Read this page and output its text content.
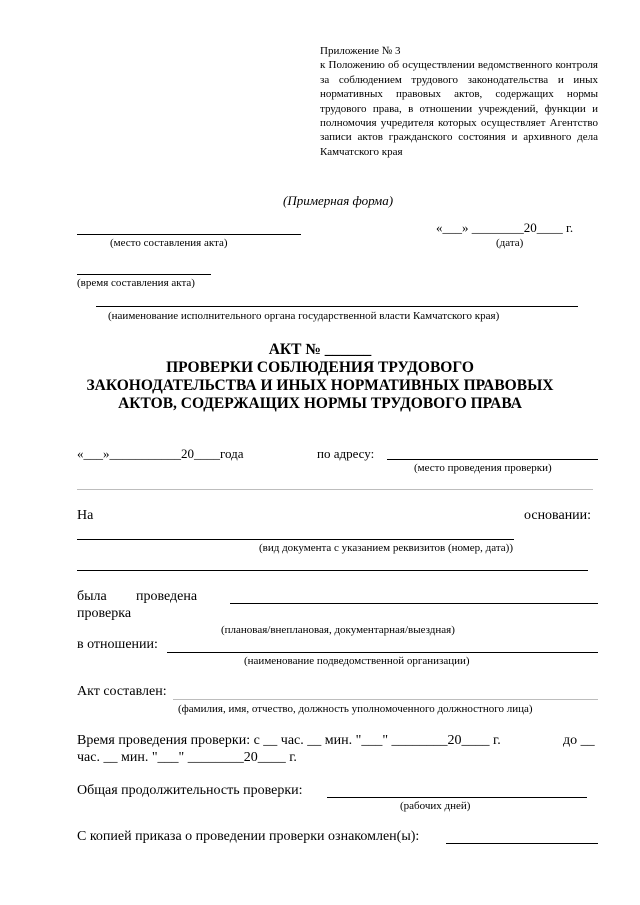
Приложение № 3
к Положению об осуществлении ведомственного контроля за соблюдением трудового законодательства и иных нормативных правовых актов, содержащих нормы трудового права, в отношении учреждений, функции и полномочия учредителя которых осуществляет Агентство записи актов гражданского состояния и архивного дела Камчатского края
(Примерная форма)
(место составления акта)
«___» ________20____ г.
(дата)
(время составления акта)
(наименование исполнительного органа государственной власти Камчатского края)
АКТ № ______
ПРОВЕРКИ СОБЛЮДЕНИЯ ТРУДОВОГО
ЗАКОНОДАТЕЛЬСТВА И ИНЫХ НОРМАТИВНЫХ ПРАВОВЫХ
АКТОВ, СОДЕРЖАЩИХ НОРМЫ ТРУДОВОГО ПРАВА
«___»___________20____года	по адресу:
(место проведения проверки)
На	основании:
(вид документа с указанием реквизитов (номер, дата))
была проведена
проверка
(плановая/внеплановая, документарная/выездная)
в отношении:
(наименование подведомственной организации)
Акт составлен:
(фамилия, имя, отчество, должность уполномоченного должностного лица)
Время проведения проверки: с __ час. __ мин. "___" ________20____ г.	до __
час. __ мин. "___" ________20____ г.
Общая продолжительность проверки:
(рабочих дней)
С копией приказа о проведении проверки ознакомлен(ы):
